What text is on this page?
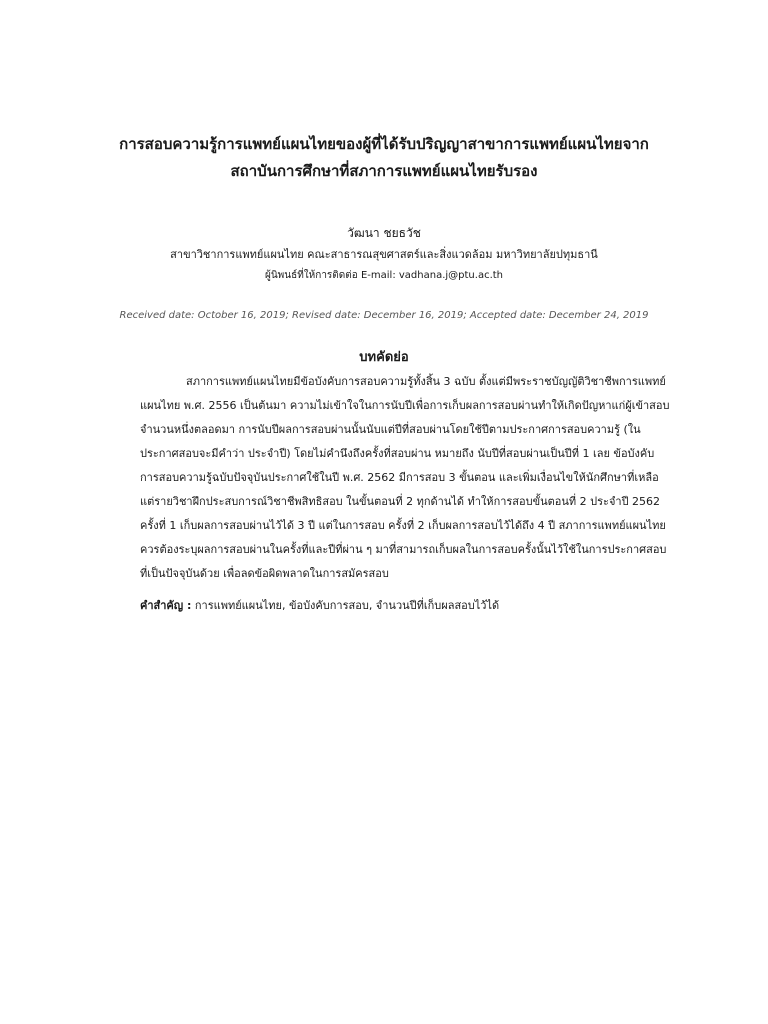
การสอบความรู้การแพทย์แผนไทยของผู้ที่ได้รับปริญญาสาขาการแพทย์แผนไทยจาก

สถาบันการศึกษาที่สภาการแพทย์แผนไทยรับรอง

วัฒนา ชยธวัช
สาขาวิชาการแพทย์แผนไทย คณะสาธารณสุขศาสตร์และสิ่งแวดล้อม มหาวิทยาลัยปทุมธานี
ผู้นิพนธ์ที่ให้การติดต่อ E-mail: vadhana.j@ptu.ac.th
Received date: October 16, 2019; Revised date: December 16, 2019; Accepted date: December 24, 2019
บทคัดย่อ
สภาการแพทย์แผนไทยมีข้อบังคับการสอบความรู้ทั้งสิ้น 3 ฉบับ ตั้งแต่มีพระราชบัญญัติวิชาชีพการแพทย์
แผนไทย พ.ศ. 2556 เป็นต้นมา ความไม่เข้าใจในการนับปีเพื่อการเก็บผลการสอบผ่านทำให้เกิดปัญหาแก่ผู้เข้าสอบ
จำนวนหนึ่งตลอดมา การนับปีผลการสอบผ่านนั้นนับแต่ปีที่สอบผ่านโดยใช้ปีตามประกาศการสอบความรู้ (ใน
ประกาศสอบจะมีคำว่า ประจำปี) โดยไม่คำนึงถึงครั้งที่สอบผ่าน หมายถึง นับปีที่สอบผ่านเป็นปีที่ 1 เลย ข้อบังคับ
การสอบความรู้ฉบับปัจจุบันประกาศใช้ในปี พ.ศ. 2562 มีการสอบ 3 ขั้นตอน และเพิ่มเงื่อนไขให้นักศึกษาที่เหลือ
แต่รายวิชาฝึกประสบการณ์วิชาชีพสิทธิสอบ ในขั้นตอนที่ 2 ทุกด้านได้ ทำให้การสอบขั้นตอนที่ 2 ประจำปี 2562
ครั้งที่ 1 เก็บผลการสอบผ่านไว้ได้ 3 ปี แต่ในการสอบ ครั้งที่ 2 เก็บผลการสอบไว้ได้ถึง 4 ปี สภาการแพทย์แผนไทย
ควรต้องระบุผลการสอบผ่านในครั้งที่และปีที่ผ่าน ๆ มาที่สามารถเก็บผลในการสอบครั้งนั้นไว้ใช้ในการประกาศสอบ
ที่เป็นปัจจุบันด้วย เพื่อลดข้อผิดพลาดในการสมัครสอบ
คำสำคัญ : การแพทย์แผนไทย, ข้อบังคับการสอบ, จำนวนปีที่เก็บผลสอบไว้ได้
